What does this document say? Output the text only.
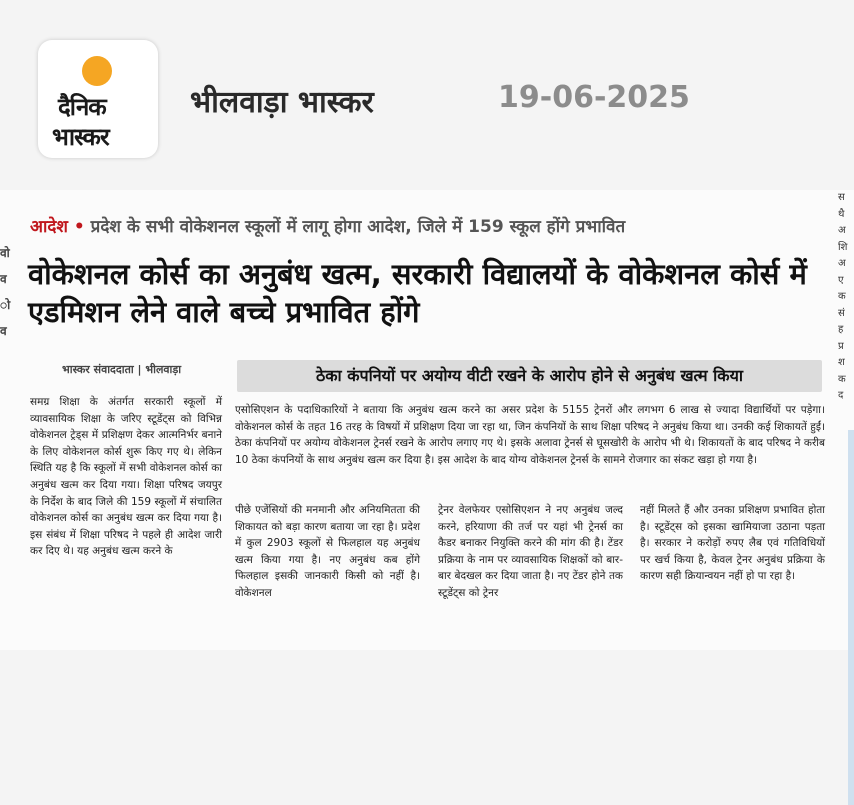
दैनिक
भास्कर
भीलवाड़ा भास्कर	19-06-2025
वो व ो व
आदेश • प्रदेश के सभी वोकेशनल स्कूलों में लागू होगा आदेश, जिले में 159 स्कूल होंगे प्रभावित
वोकेशनल कोर्स का अनुबंध खत्म, सरकारी विद्यालयों के वोकेशनल कोर्स में एडमिशन लेने वाले बच्चे प्रभावित होंगे
भास्कर संवाददाता | भीलवाड़ा	ठेका कंपनियों पर अयोग्य वीटी रखने के आरोप होने से अनुबंध खत्म किया

समग्र शिक्षा के अंतर्गत सरकारी स्कूलों में व्यावसायिक शिक्षा के जरिए स्टूडेंट्स को विभिन्न वोकेशनल ट्रेड्स में प्रशिक्षण देकर आत्मनिर्भर बनाने के लिए वोकेशनल कोर्स शुरू किए गए थे। लेकिन स्थिति यह है कि स्कूलों में सभी वोकेशनल कोर्स का अनुबंध खत्म कर दिया गया। शिक्षा परिषद जयपुर के निर्देश के बाद जिले की 159 स्कूलों में संचालित वोकेशनल कोर्स का अनुबंध खत्म कर दिया गया है। इस संबंध में शिक्षा परिषद ने पहले ही आदेश जारी कर दिए थे। यह अनुबंध खत्म करने के

एसोसिएशन के पदाधिकारियों ने बताया कि अनुबंध खत्म करने का असर प्रदेश के 5155 ट्रेनरों और लगभग 6 लाख से ज्यादा विद्यार्थियों पर पड़ेगा। वोकेशनल कोर्स के तहत 16 तरह के विषयों में प्रशिक्षण दिया जा रहा था, जिन कंपनियों के साथ शिक्षा परिषद ने अनुबंध किया था। उनकी कई शिकायतें हुईं। ठेका कंपनियों पर अयोग्य वोकेशनल ट्रेनर्स रखने के आरोप लगाए गए थे। इसके अलावा ट्रेनर्स से घूसखोरी के आरोप भी थे। शिकायतों के बाद परिषद ने करीब 10 ठेका कंपनियों के साथ अनुबंध खत्म कर दिया है। इस आदेश के बाद योग्य वोकेशनल ट्रेनर्स के सामने रोजगार का संकट खड़ा हो गया है।

पीछे एजेंसियों की मनमानी और अनियमितता की शिकायत को बड़ा कारण बताया जा रहा है। प्रदेश में कुल 2903 स्कूलों से फिलहाल यह अनुबंध खत्म किया गया है। नए अनुबंध कब होंगे फिलहाल इसकी जानकारी किसी को नहीं है। वोकेशनल

ट्रेनर वेलफेयर एसोसिएशन ने नए अनुबंध जल्द करने, हरियाणा की तर्ज पर यहां भी ट्रेनर्स का कैडर बनाकर नियुक्ति करने की मांग की है। टेंडर प्रक्रिया के नाम पर व्यावसायिक शिक्षकों को बार-बार बेदखल कर दिया जाता है। नए टेंडर होने तक स्टूडेंट्स को ट्रेनर

नहीं मिलते हैं और उनका प्रशिक्षण प्रभावित होता है। स्टूडेंट्स को इसका खामियाजा उठाना पड़ता है। सरकार ने करोड़ों रुपए लैब एवं गतिविधियों पर खर्च किया है, केवल ट्रेनर अनुबंध प्रक्रिया के कारण सही क्रियान्वयन नहीं हो पा रहा है।

स
थै
अ
शि
अ
ए
क
सं
ह
प्र
श
क
द
